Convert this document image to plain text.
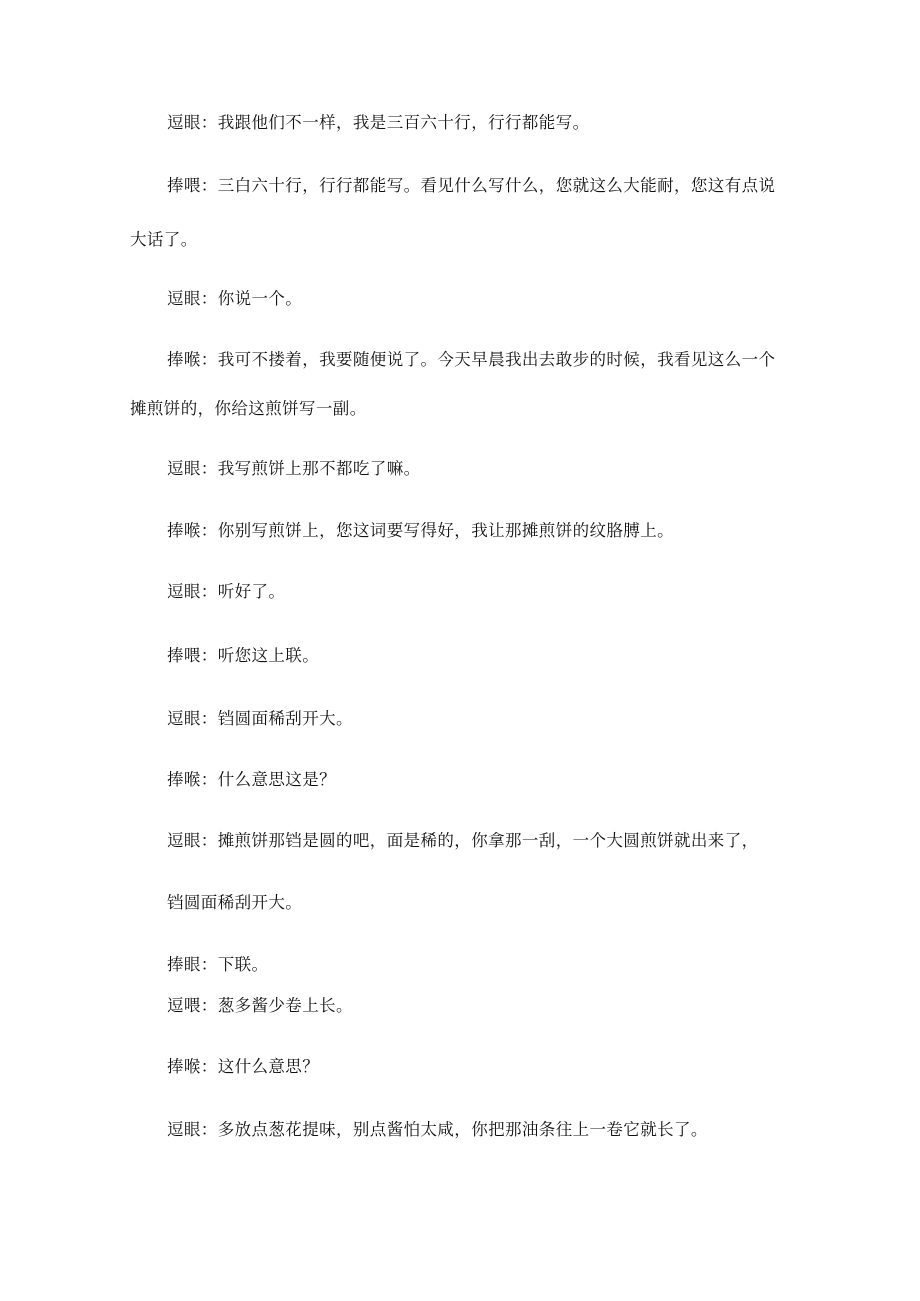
逗眼：我跟他们不一样，我是三百六十行，行行都能写。
捧喂：三白六十行，行行都能写。看见什么写什么，您就这么大能耐，您这有点说
大话了。
逗眼：你说一个。
捧喉：我可不搂着，我要随便说了。今天早晨我出去敢步的时候，我看见这么一个
摊煎饼的，你给这煎饼写一副。
逗眼：我写煎饼上那不都吃了嘛。
捧喉：你别写煎饼上，您这词要写得好，我让那摊煎饼的纹胳膊上。
逗眼：听好了。
捧喂：听您这上联。
逗眼：铛圆面稀刮开大。
捧喉：什么意思这是？
逗眼：摊煎饼那铛是圆的吧，面是稀的，你拿那一刮，一个大圆煎饼就出来了，
铛圆面稀刮开大。
捧眼：下联。
逗喂：葱多酱少卷上长。
捧喉：这什么意思？
逗眼：多放点葱花提味，别点酱怕太咸，你把那油条往上一卷它就长了。
